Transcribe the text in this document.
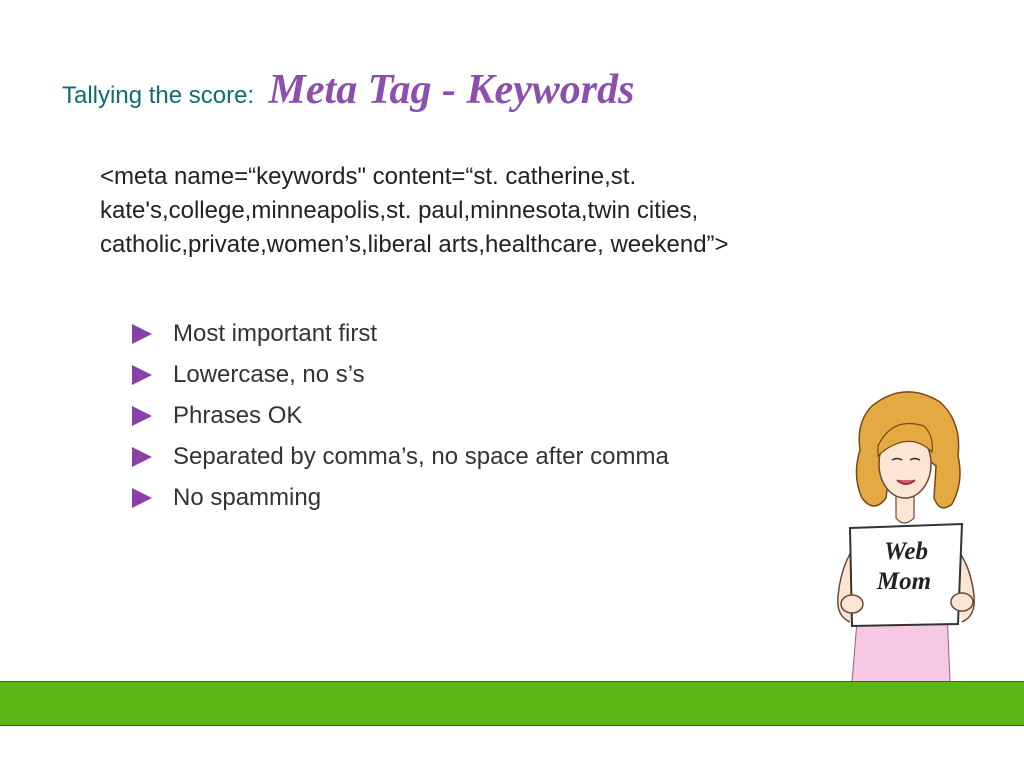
Tallying the score: Meta Tag - Keywords
<meta name=“keywords" content=“st. catherine,st.
kate's,college,minneapolis,st. paul,minnesota,twin cities,
catholic,private,women’s,liberal arts,healthcare, weekend”>
Most important first
Lowercase, no s’s
Phrases OK
Separated by comma’s, no space after comma
No spamming
Web
Mom
